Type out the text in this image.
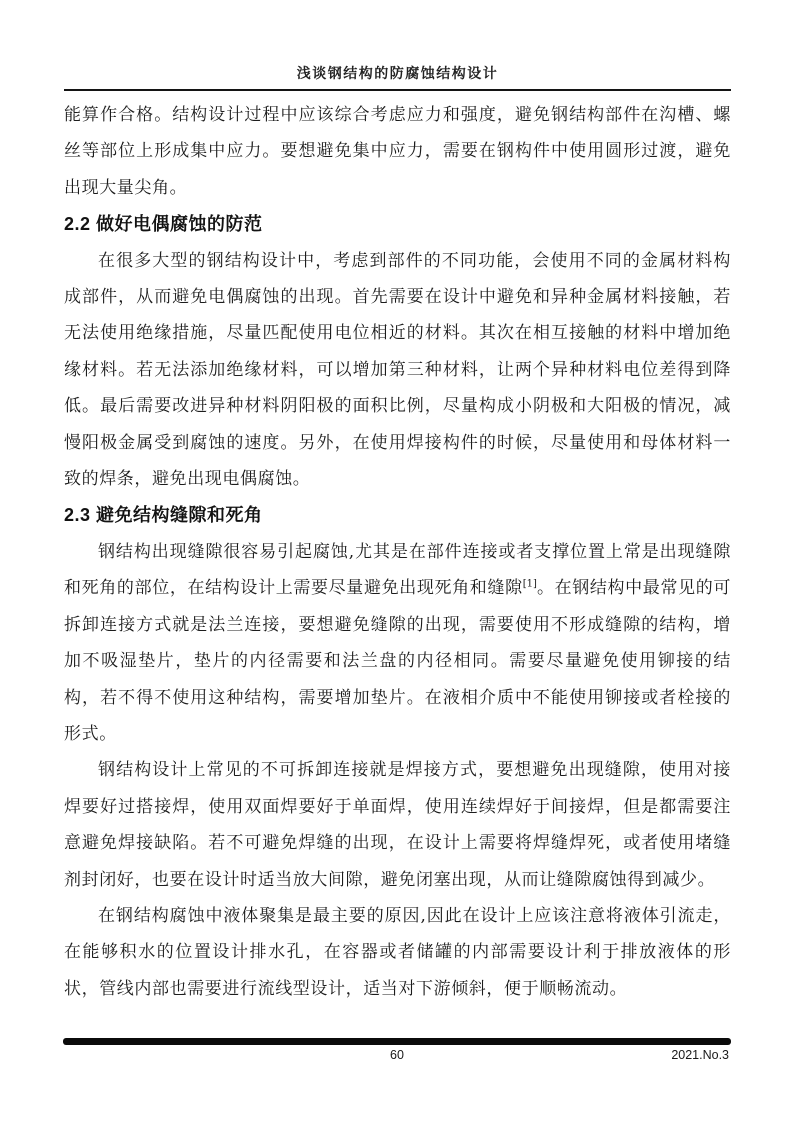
浅谈钢结构的防腐蚀结构设计

能算作合格。结构设计过程中应该综合考虑应力和强度，避免钢结构部件在沟槽、螺丝等部位上形成集中应力。要想避免集中应力，需要在钢构件中使用圆形过渡，避免出现大量尖角。

2.2 做好电偶腐蚀的防范

在很多大型的钢结构设计中，考虑到部件的不同功能，会使用不同的金属材料构成部件，从而避免电偶腐蚀的出现。首先需要在设计中避免和异种金属材料接触，若无法使用绝缘措施，尽量匹配使用电位相近的材料。其次在相互接触的材料中增加绝缘材料。若无法添加绝缘材料，可以增加第三种材料，让两个异种材料电位差得到降低。最后需要改进异种材料阴阳极的面积比例，尽量构成小阴极和大阳极的情况，减慢阳极金属受到腐蚀的速度。另外，在使用焊接构件的时候，尽量使用和母体材料一致的焊条，避免出现电偶腐蚀。

2.3 避免结构缝隙和死角

钢结构出现缝隙很容易引起腐蚀,尤其是在部件连接或者支撑位置上常是出现缝隙和死角的部位，在结构设计上需要尽量避免出现死角和缝隙[1]。在钢结构中最常见的可拆卸连接方式就是法兰连接，要想避免缝隙的出现，需要使用不形成缝隙的结构，增加不吸湿垫片，垫片的内径需要和法兰盘的内径相同。需要尽量避免使用铆接的结构，若不得不使用这种结构，需要增加垫片。在液相介质中不能使用铆接或者栓接的形式。

钢结构设计上常见的不可拆卸连接就是焊接方式，要想避免出现缝隙，使用对接焊要好过搭接焊，使用双面焊要好于单面焊，使用连续焊好于间接焊，但是都需要注意避免焊接缺陷。若不可避免焊缝的出现，在设计上需要将焊缝焊死，或者使用堵缝剂封闭好，也要在设计时适当放大间隙，避免闭塞出现，从而让缝隙腐蚀得到减少。

在钢结构腐蚀中液体聚集是最主要的原因,因此在设计上应该注意将液体引流走，在能够积水的位置设计排水孔，在容器或者储罐的内部需要设计利于排放液体的形状，管线内部也需要进行流线型设计，适当对下游倾斜，便于顺畅流动。

60	2021.No.3
